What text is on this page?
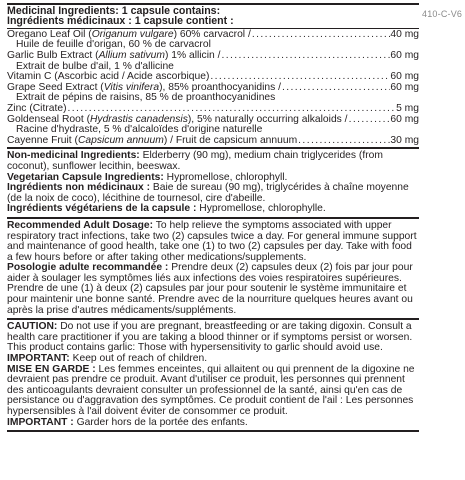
410-C-V6
Medicinal Ingredients: 1 capsule contains:
Ingrédients médicinaux : 1 capsule contient :
Oregano Leaf Oil (Origanum vulgare) 60% carvacrol / .....	40 mg
Huile de feuille d'origan, 60 % de carvacrol
Garlic Bulb Extract (Allium sativum) 1% allicin / .....	60 mg
Extrait de bulbe d'ail, 1 % d'allicine
Vitamin C (Ascorbic acid / Acide ascorbique) .....	60 mg
Grape Seed Extract (Vitis vinifera), 85% proanthocyanidins / .....	60 mg
Extrait de pépins de raisins, 85 % de proanthocyanidines
Zinc (Citrate) .....	5 mg
Goldenseal Root (Hydrastis canadensis), 5% naturally occurring alkaloids / .....	60 mg
Racine d'hydraste, 5 % d'alcaloïdes d'origine naturelle
Cayenne Fruit (Capsicum annuum) / Fruit de capsicum annuum .....	30 mg
Non-medicinal Ingredients: Elderberry (90 mg), medium chain triglycerides (from coconut), sunflower lecithin, beeswax.
Vegetarian Capsule Ingredients: Hypromellose, chlorophyll.
Ingrédients non médicinaux : Baie de sureau (90 mg), triglycérides à chaîne moyenne (de la noix de coco), lécithine de tournesol, cire d'abeille.
Ingrédients végétariens de la capsule : Hypromellose, chlorophylle.
Recommended Adult Dosage: To help relieve the symptoms associated with upper respiratory tract infections, take two (2) capsules twice a day. For general immune support and maintenance of good health, take one (1) to two (2) capsules per day. Take with food a few hours before or after taking other medications/supplements.
Posologie adulte recommandée : Prendre deux (2) capsules deux (2) fois par jour pour aider à soulager les symptômes liés aux infections des voies respiratoires supérieures. Prendre de une (1) à deux (2) capsules par jour pour soutenir le système immunitaire et pour maintenir une bonne santé. Prendre avec de la nourriture quelques heures avant ou après la prise d'autres médicaments/suppléments.
CAUTION: Do not use if you are pregnant, breastfeeding or are taking digoxin. Consult a health care practitioner if you are taking a blood thinner or if symptoms persist or worsen. This product contains garlic: Those with hypersensitivity to garlic should avoid use. IMPORTANT: Keep out of reach of children.
MISE EN GARDE : Les femmes enceintes, qui allaitent ou qui prennent de la digoxine ne devraient pas prendre ce produit. Avant d'utiliser ce produit, les personnes qui prennent des anticoagulants devraient consulter un professionnel de la santé, ainsi qu'en cas de persistance ou d'aggravation des symptômes. Ce produit contient de l'ail : Les personnes hypersensibles à l'ail doivent éviter de consommer ce produit.
IMPORTANT : Garder hors de la portée des enfants.
